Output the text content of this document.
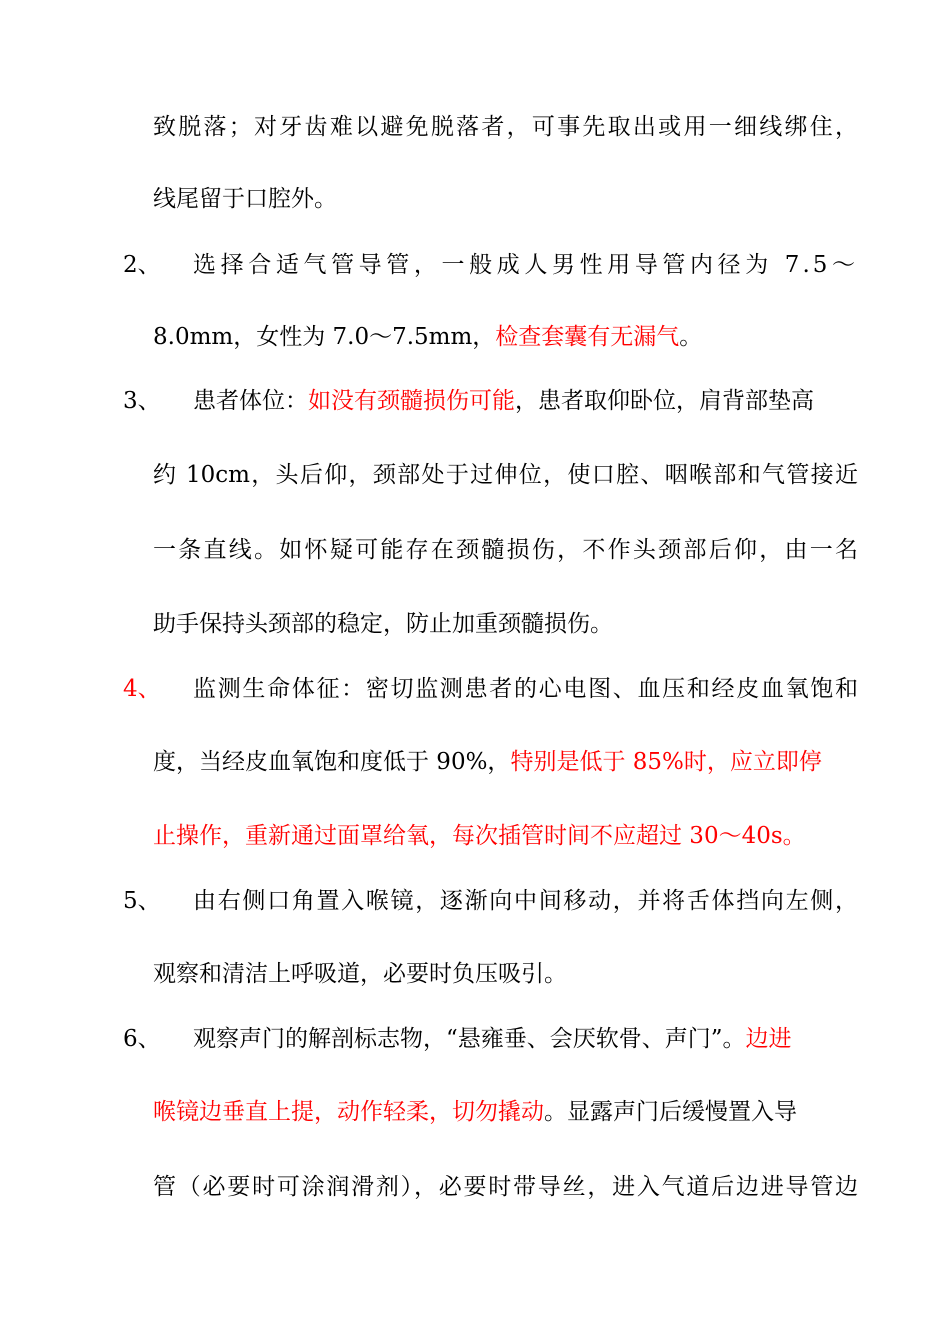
致脱落；对牙齿难以避免脱落者，可事先取出或用一细线绑住，
线尾留于口腔外。
2、	选择合适气管导管，一般成人男性用导管内径为 7.5～
8.0mm，女性为 7.0～7.5mm，检查套囊有无漏气。
3、	患者体位：如没有颈髓损伤可能，患者取仰卧位，肩背部垫高
约 10cm，头后仰，颈部处于过伸位，使口腔、咽喉部和气管接近
一条直线。如怀疑可能存在颈髓损伤，不作头颈部后仰，由一名
助手保持头颈部的稳定，防止加重颈髓损伤。
4、	监测生命体征：密切监测患者的心电图、血压和经皮血氧饱和
度，当经皮血氧饱和度低于 90%，特别是低于 85%时，应立即停
止操作，重新通过面罩给氧，每次插管时间不应超过 30～40s。
5、	由右侧口角置入喉镜，逐渐向中间移动，并将舌体挡向左侧，
观察和清洁上呼吸道，必要时负压吸引。
6、	观察声门的解剖标志物，“悬雍垂、会厌软骨、声门”。边进
喉镜边垂直上提，动作轻柔，切勿撬动。显露声门后缓慢置入导
管（必要时可涂润滑剂），必要时带导丝，进入气道后边进导管边
